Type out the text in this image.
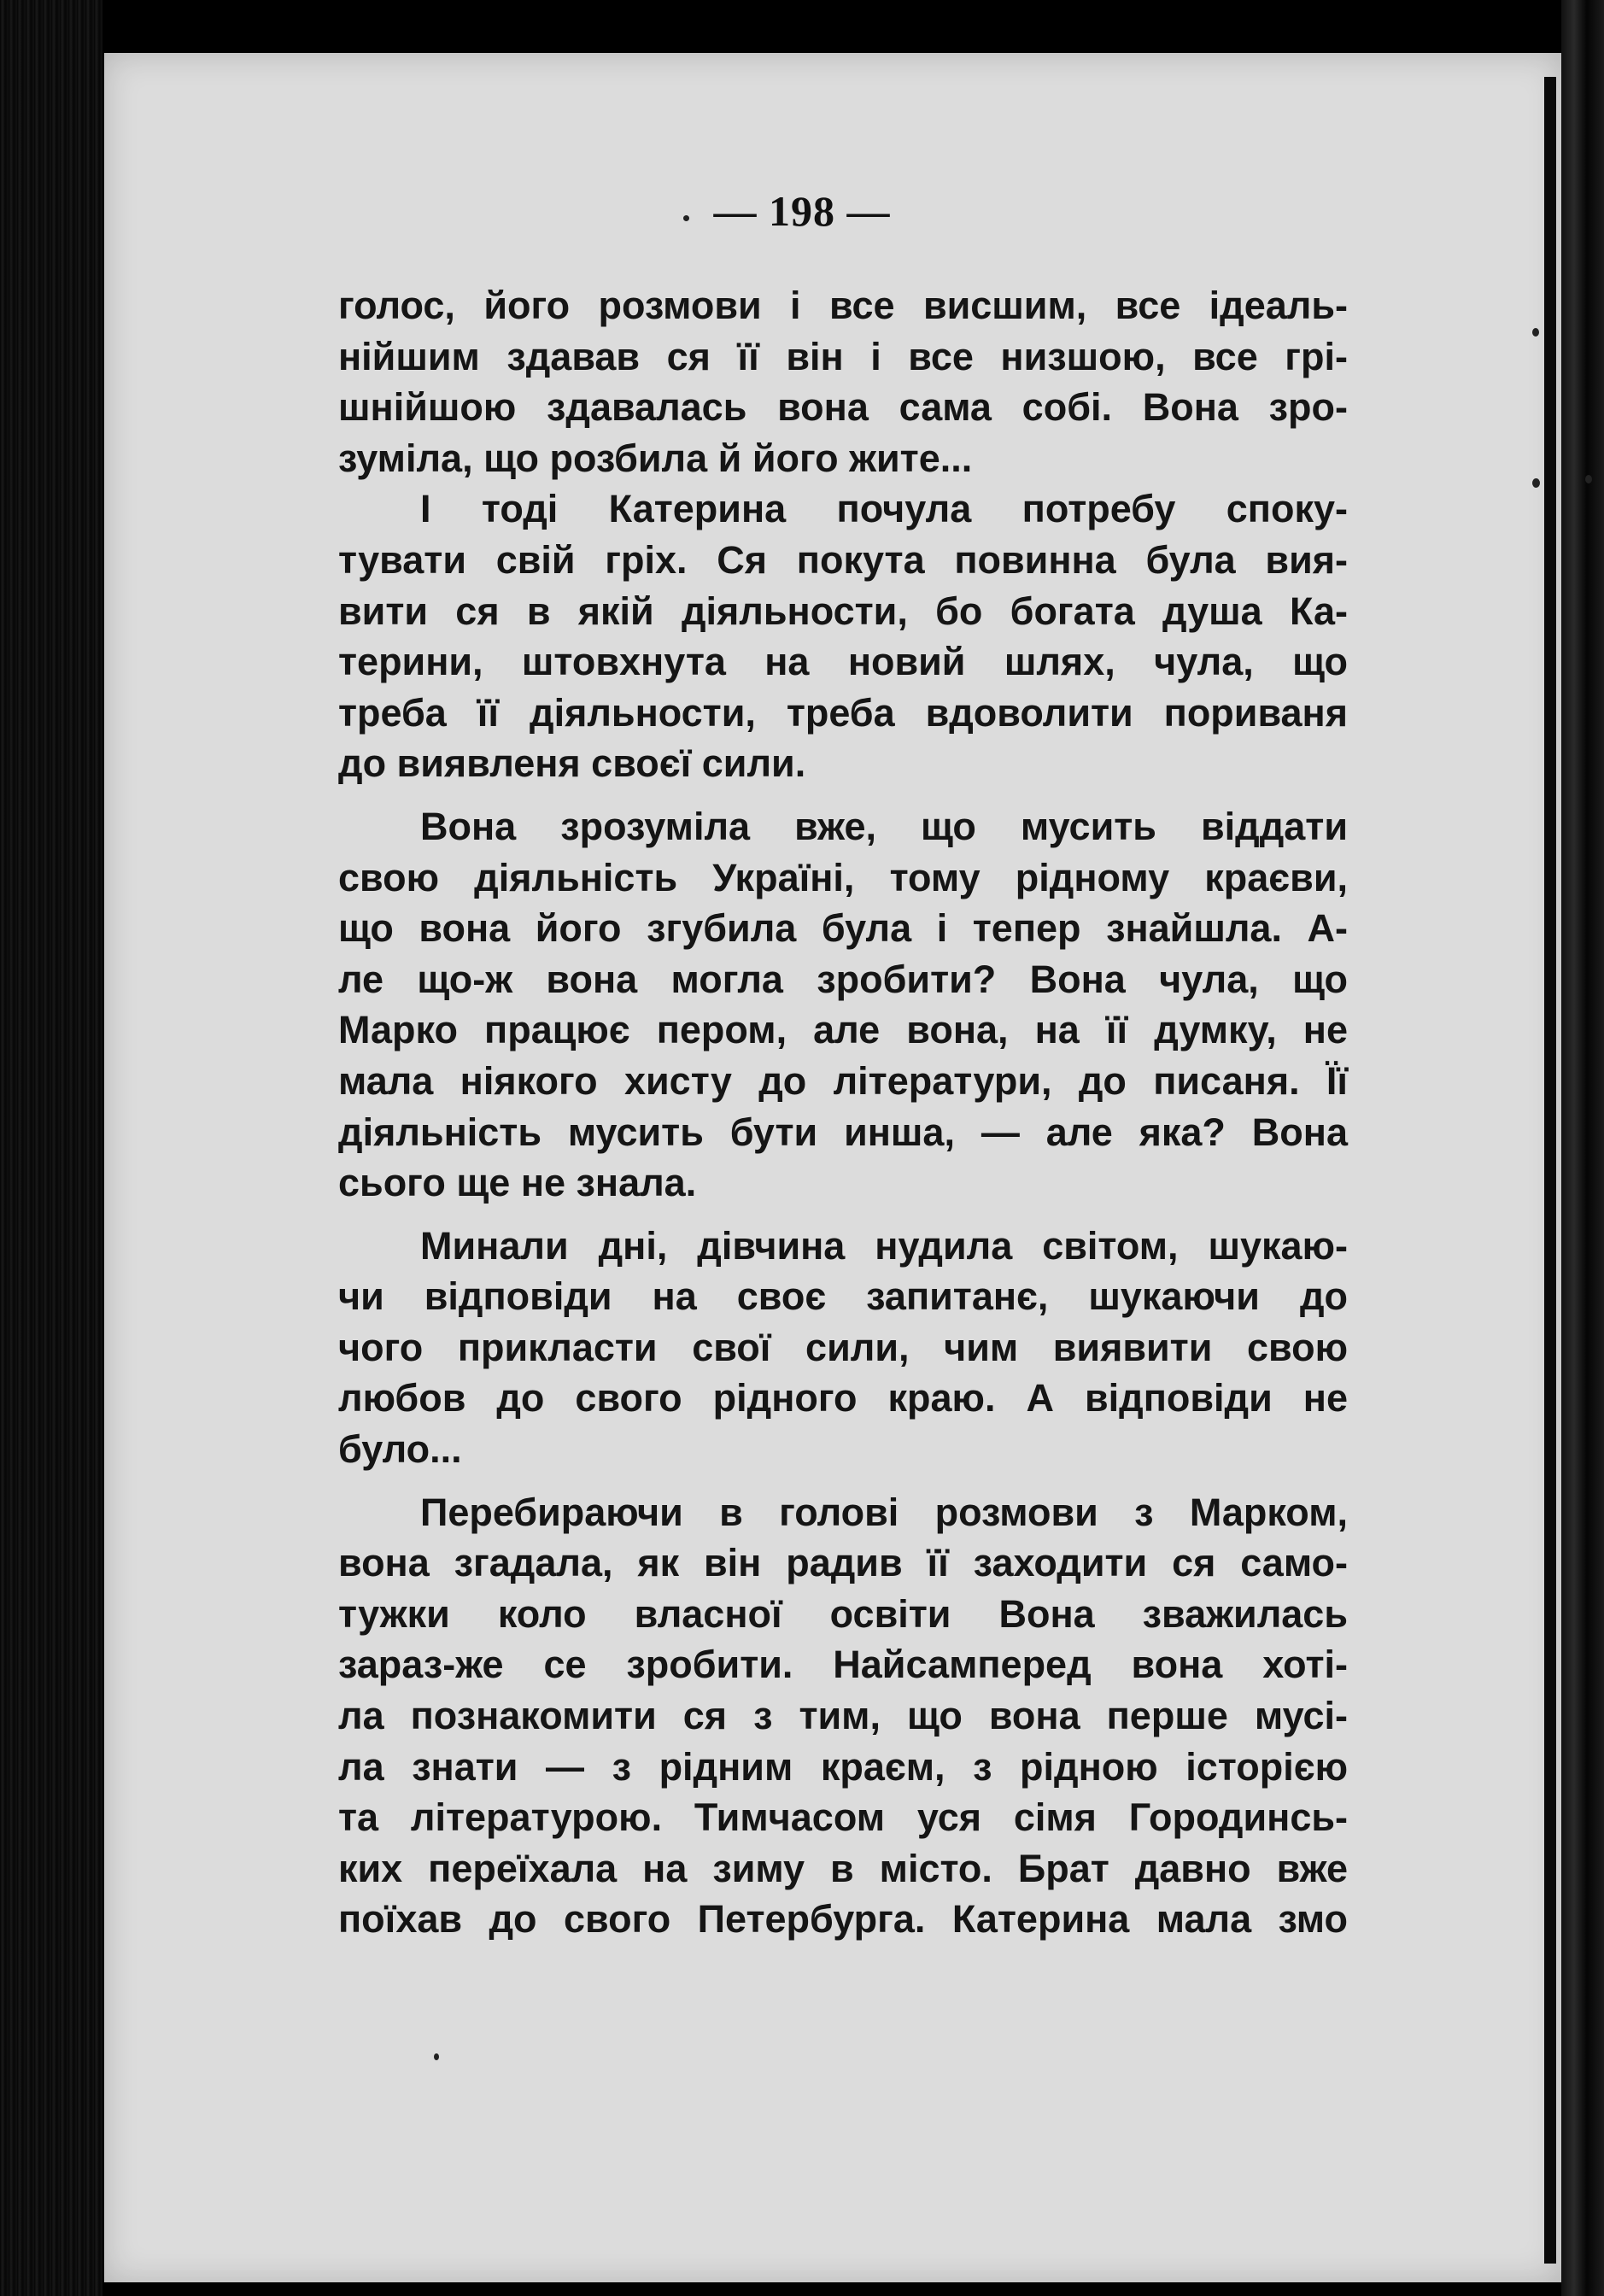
— 198 —
голос, його розмови і все висшим, все ідеаль-
нійшим здавав ся її він і все низшою, все грі-
шнійшою здавалась вона сама собі. Вона зро-
зуміла, що розбила й його жите...
І тоді Катерина почула потребу споку-
тувати свій гріх. Ся покута повинна була вия-
вити ся в якій діяльности, бо богата душа Ка-
терини, штовхнута на новий шлях, чула, що
треба її діяльности, треба вдоволити пориваня
до виявленя своєї сили.
Вона зрозуміла вже, що мусить віддати
свою діяльність Україні, тому рідному краєви,
що вона його згубила була і тепер знайшла. А-
ле що-ж вона могла зробити? Вона чула, що
Марко працює пером, але вона, на її думку, не
мала ніякого хисту до літератури, до писаня. Її
діяльність мусить бути инша, — але яка? Вона
сього ще не знала.
Минали дні, дівчина нудила світом, шукаю-
чи відповіди на своє запитанє, шукаючи до
чого прикласти свої сили, чим виявити свою
любов до свого рідного краю. А відповіди не
було...
Перебираючи в голові розмови з Марком,
вона згадала, як він радив її заходити ся само-
тужки коло власної освіти Вона зважилась
зараз-же се зробити. Найсамперед вона хоті-
ла познакомити ся з тим, що вона перше мусі-
ла знати — з рідним краєм, з рідною історією
та літературою. Тимчасом уся сімя Городинсь-
ких переїхала на зиму в місто. Брат давно вже
поїхав до свого Петербурга. Катерина мала змо
